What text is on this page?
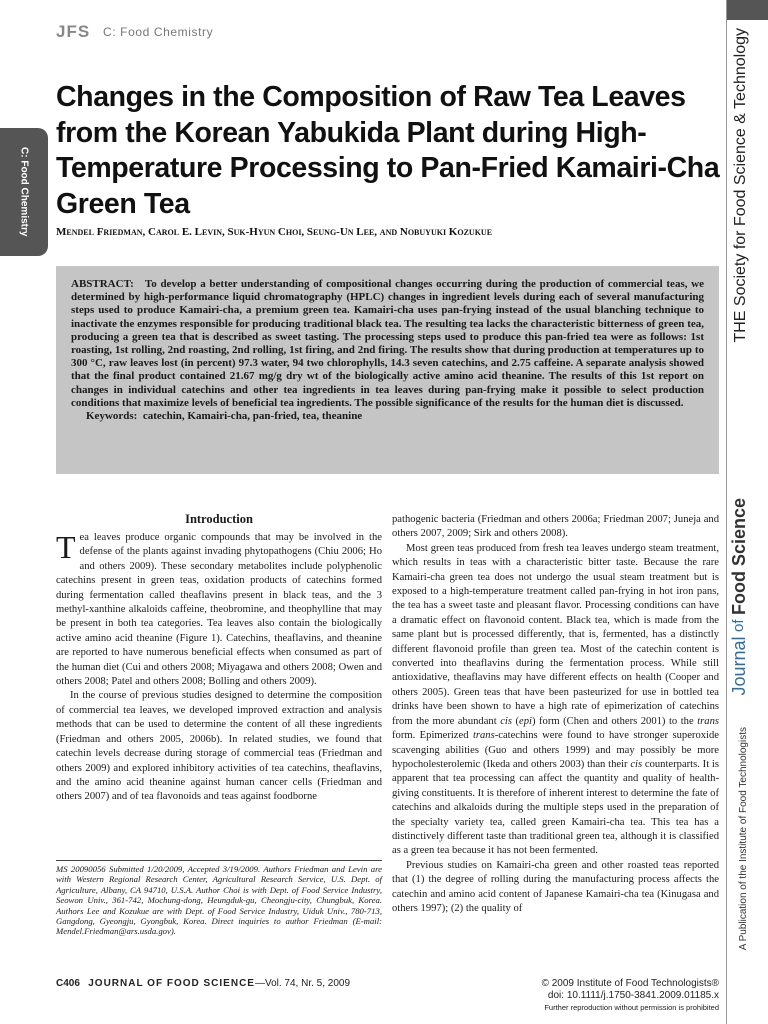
JFS C: Food Chemistry
C: Food Chemistry
Changes in the Composition of Raw Tea Leaves from the Korean Yabukida Plant during High-Temperature Processing to Pan-Fried Kamairi-Cha Green Tea
Mendel Friedman, Carol E. Levin, Suk-Hyun Choi, Seung-Un Lee, and Nobuyuki Kozukue

ABSTRACT: To develop a better understanding of compositional changes occurring during the production of commercial teas, we determined by high-performance liquid chromatography (HPLC) changes in ingredient levels during each of several manufacturing steps used to produce Kamairi-cha, a premium green tea. Kamairi-cha uses pan-frying instead of the usual blanching technique to inactivate the enzymes responsible for producing traditional black tea. The resulting tea lacks the characteristic bitterness of green tea, producing a green tea that is described as sweet tasting. The processing steps used to produce this pan-fried tea were as follows: 1st roasting, 1st rolling, 2nd roasting, 2nd rolling, 1st firing, and 2nd firing. The results show that during production at temperatures up to 300 °C, raw leaves lost (in percent) 97.3 water, 94 two chlorophylls, 14.3 seven catechins, and 2.75 caffeine. A separate analysis showed that the final product contained 21.67 mg/g dry wt of the biologically active amino acid theanine. The results of this 1st report on changes in individual catechins and other tea ingredients in tea leaves during pan-frying make it possible to select production conditions that maximize levels of beneficial tea ingredients. The possible significance of the results for the human diet is discussed.

Keywords: catechin, Kamairi-cha, pan-fried, tea, theanine

Introduction

Tea leaves produce organic compounds that may be involved in the defense of the plants against invading phytopathogens (Chiu 2006; Ho and others 2009). These secondary metabolites include polyphenolic catechins present in green teas, oxidation products of catechins formed during fermentation called theaflavins present in black teas, and the 3 methyl-xanthine alkaloids caffeine, theobromine, and theophylline that may be present in both tea categories. Tea leaves also contain the biologically active amino acid theanine (Figure 1). Catechins, theaflavins, and theanine are reported to have numerous beneficial effects when consumed as part of the human diet (Cui and others 2008; Miyagawa and others 2008; Owen and others 2008; Patel and others 2008; Bolling and others 2009).

In the course of previous studies designed to determine the composition of commercial tea leaves, we developed improved extraction and analysis methods that can be used to determine the content of all these ingredients (Friedman and others 2005, 2006b). In related studies, we found that catechin levels decrease during storage of commercial teas (Friedman and others 2009) and explored inhibitory activities of tea catechins, theaflavins, and the amino acid theanine against human cancer cells (Friedman and others 2007) and of tea flavonoids and teas against foodborne

MS 20090056 Submitted 1/20/2009, Accepted 3/19/2009. Authors Friedman and Levin are with Western Regional Research Center, Agricultural Research Service, U.S. Dept. of Agriculture, Albany, CA 94710, U.S.A. Author Choi is with Dept. of Food Service Industry, Seowon Univ., 361-742, Mochung-dong, Heungduk-gu, Cheongju-city, Chungbuk, Korea. Authors Lee and Kozukue are with Dept. of Food Service Industry, Uiduk Univ., 780-713, Gangdong, Gyeongju, Gyongbuk, Korea. Direct inquiries to author Friedman (E-mail: Mendel.Friedman@ars.usda.gov).

pathogenic bacteria (Friedman and others 2006a; Friedman 2007; Juneja and others 2007, 2009; Sirk and others 2008).

Most green teas produced from fresh tea leaves undergo steam treatment, which results in teas with a characteristic bitter taste. Because the rare Kamairi-cha green tea does not undergo the usual steam treatment but is exposed to a high-temperature treatment called pan-frying in hot iron pans, the tea has a sweet taste and pleasant flavor. Processing conditions can have a dramatic effect on flavonoid content. Black tea, which is made from the same plant but is processed differently, that is, fermented, has a distinctly different flavonoid profile than green tea. Most of the catechin content is converted into theaflavins during the fermentation process. While still antioxidative, theaflavins may have different effects on health (Cooper and others 2005). Green teas that have been pasteurized for use in bottled tea drinks have been shown to have a high rate of epimerization of catechins from the more abundant cis (epi) form (Chen and others 2001) to the trans form. Epimerized trans-catechins were found to have stronger superoxide scavenging abilities (Guo and others 1999) and may possibly be more hypocholesterolemic (Ikeda and others 2003) than their cis counterparts. It is apparent that tea processing can affect the quantity and quality of health-giving constituents. It is therefore of inherent interest to determine the fate of catechins and alkaloids during the multiple steps used in the preparation of the specialty variety tea, called green Kamairi-cha tea. This tea has a distinctively different taste than traditional green tea, although it is classified as a green tea because it has not been fermented.

Previous studies on Kamairi-cha green and other roasted teas reported that (1) the degree of rolling during the manufacturing process affects the catechin and amino acid content of Japanese Kamairi-cha tea (Kinugasa and others 1997); (2) the quality of

C406 JOURNAL OF FOOD SCIENCE—Vol. 74, Nr. 5, 2009	© 2009 Institute of Food Technologists®
doi: 10.1111/j.1750-3841.2009.01185.x
Further reproduction without permission is prohibited
THE Society for Food Science & Technology
Journal of Food Science
A Publication of the Institute of Food Technologists
